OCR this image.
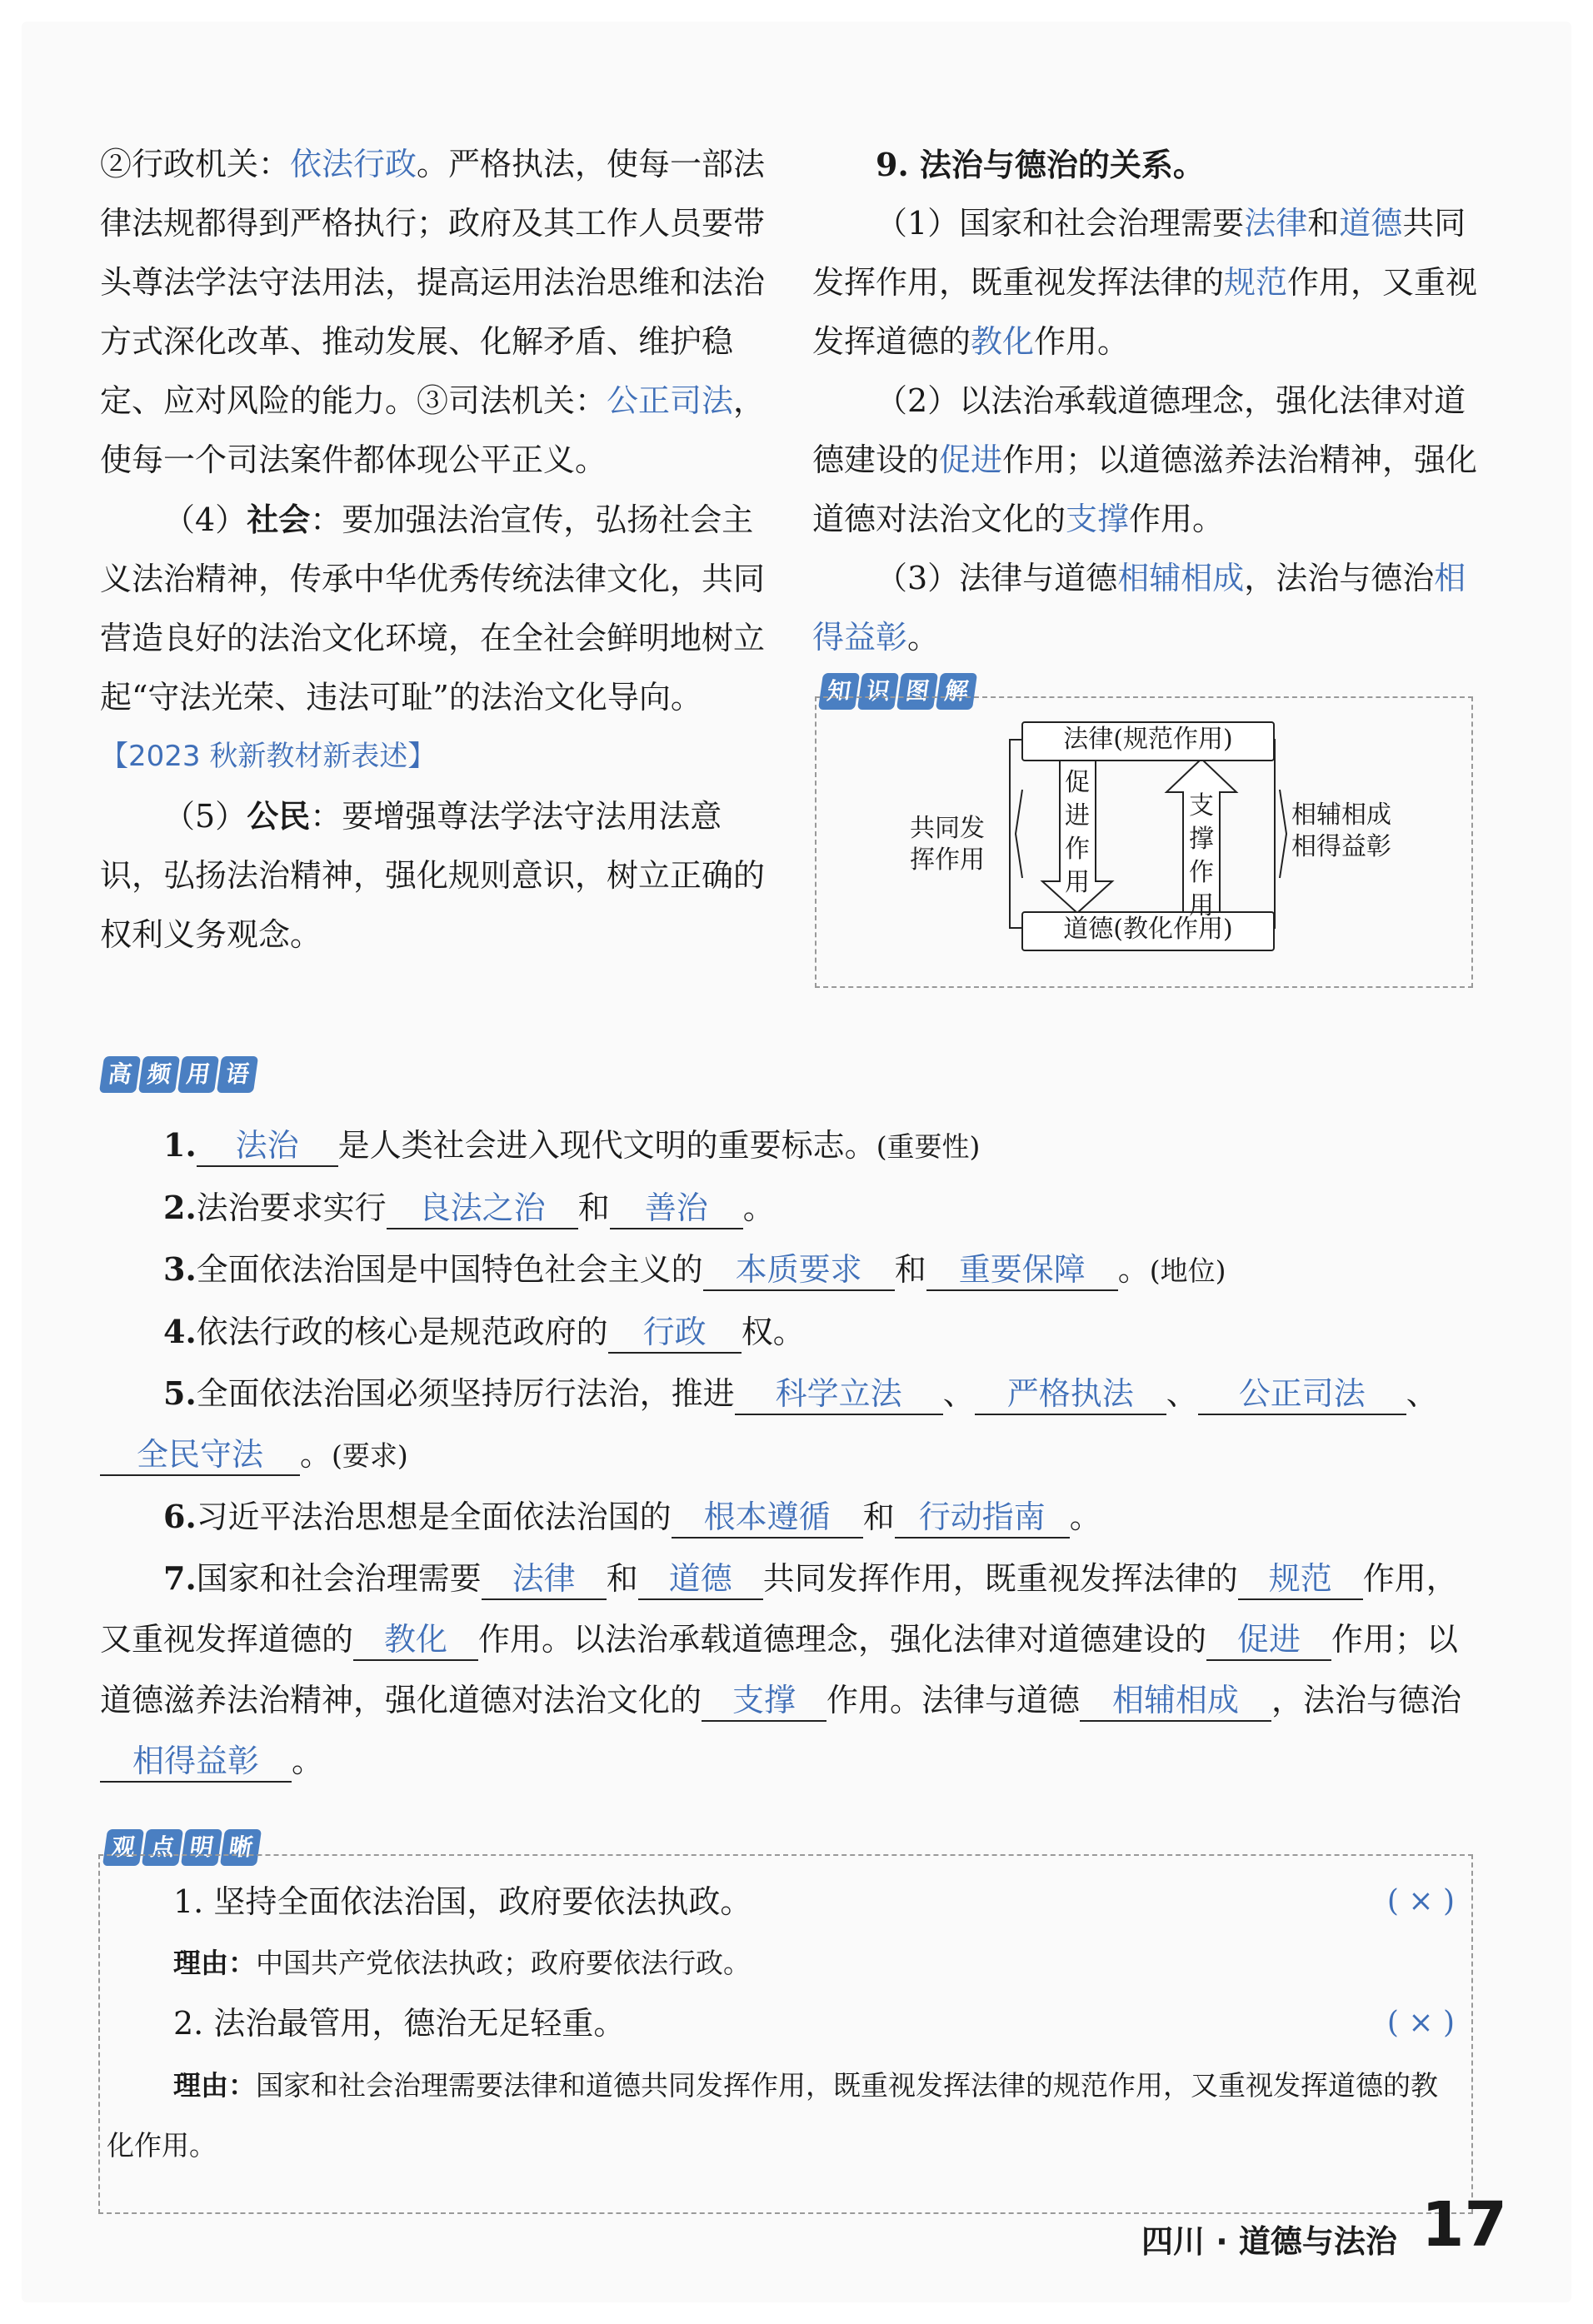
②行政机关：依法行政。严格执法，使每一部法律法规都得到严格执行；政府及其工作人员要带头尊法学法守法用法，提高运用法治思维和法治方式深化改革、推动发展、化解矛盾、维护稳定、应对风险的能力。③司法机关：公正司法，使每一个司法案件都体现公平正义。

（4）社会：要加强法治宣传，弘扬社会主义法治精神，传承中华优秀传统法律文化，共同营造良好的法治文化环境，在全社会鲜明地树立起“守法光荣、违法可耻”的法治文化导向。

【2023 秋新教材新表述】

（5）公民：要增强尊法学法守法用法意识，弘扬法治精神，强化规则意识，树立正确的权利义务观念。

9. 法治与德治的关系。

（1）国家和社会治理需要法律和道德共同发挥作用，既重视发挥法律的规范作用，又重视发挥道德的教化作用。

（2）以法治承载道德理念，强化法律对道德建设的促进作用；以道德滋养法治精神，强化道德对法治文化的支撑作用。

（3）法律与道德相辅相成，法治与德治相得益彰。

知 识 图 解
共同发挥作用
法律(规范作用)
道德(教化作用)
促进作用
支撑作用
相辅相成
相得益彰
高 频 用 语

1. 法治 是人类社会进入现代文明的重要标志。(重要性)

2.法治要求实行 良法之治 和 善治 。

3.全面依法治国是中国特色社会主义的 本质要求 和 重要保障 。(地位)

4.依法行政的核心是规范政府的 行政 权。

5.全面依法治国必须坚持厉行法治，推进 科学立法 、 严格执法 、 公正司法 、全民守法 。(要求)

6.习近平法治思想是全面依法治国的 根本遵循 和 行动指南 。

7.国家和社会治理需要 法律 和 道德 共同发挥作用，既重视发挥法律的 规范 作用，又重视发挥道德的 教化 作用。以法治承载道德理念，强化法律对道德建设的 促进 作用；以道德滋养法治精神，强化道德对法治文化的 支撑 作用。法律与道德 相辅相成 ，法治与德治相得益彰 。

观 点 明 晰
1. 坚持全面依法治国，政府要依法执政。	( × )
理由：中国共产党依法执政；政府要依法行政。
2. 法治最管用，德治无足轻重。	( × )
理由：国家和社会治理需要法律和道德共同发挥作用，既重视发挥法律的规范作用，又重视发挥道德的教化作用。
四川 · 道德与法治 17
